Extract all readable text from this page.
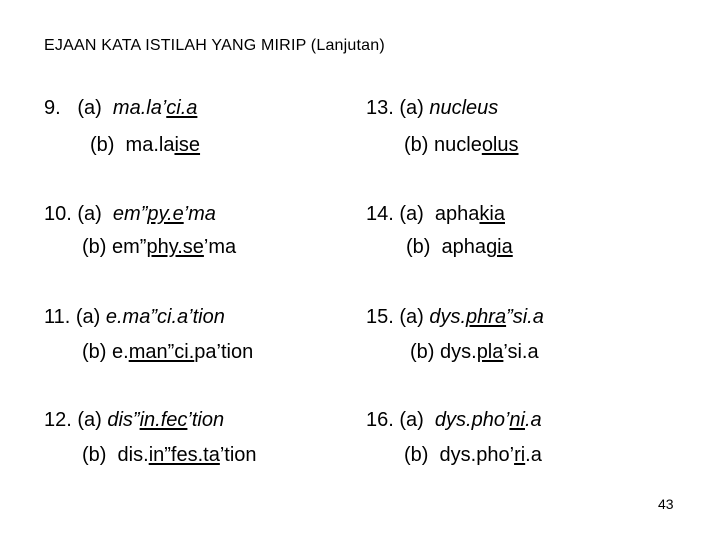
EJAAN KATA ISTILAH YANG MIRIP (Lanjutan)
9.   (a)  ma.la’ci.a
(b)  ma.laise
13. (a) nucleus
(b) nucleolus
10. (a)  em”py.e’ma
(b) em”phy.se’ma
14. (a)  aphakia
(b)  aphagia
11. (a) e.ma”ci.a’tion
(b) e.man”ci.pa’tion
15. (a) dys.phra”si.a
(b) dys.pla’si.a
12. (a) dis”in.fec’tion
(b)  dis.in”fes.ta’tion
16. (a)  dys.pho’ni.a
(b)  dys.pho’ri.a
43
